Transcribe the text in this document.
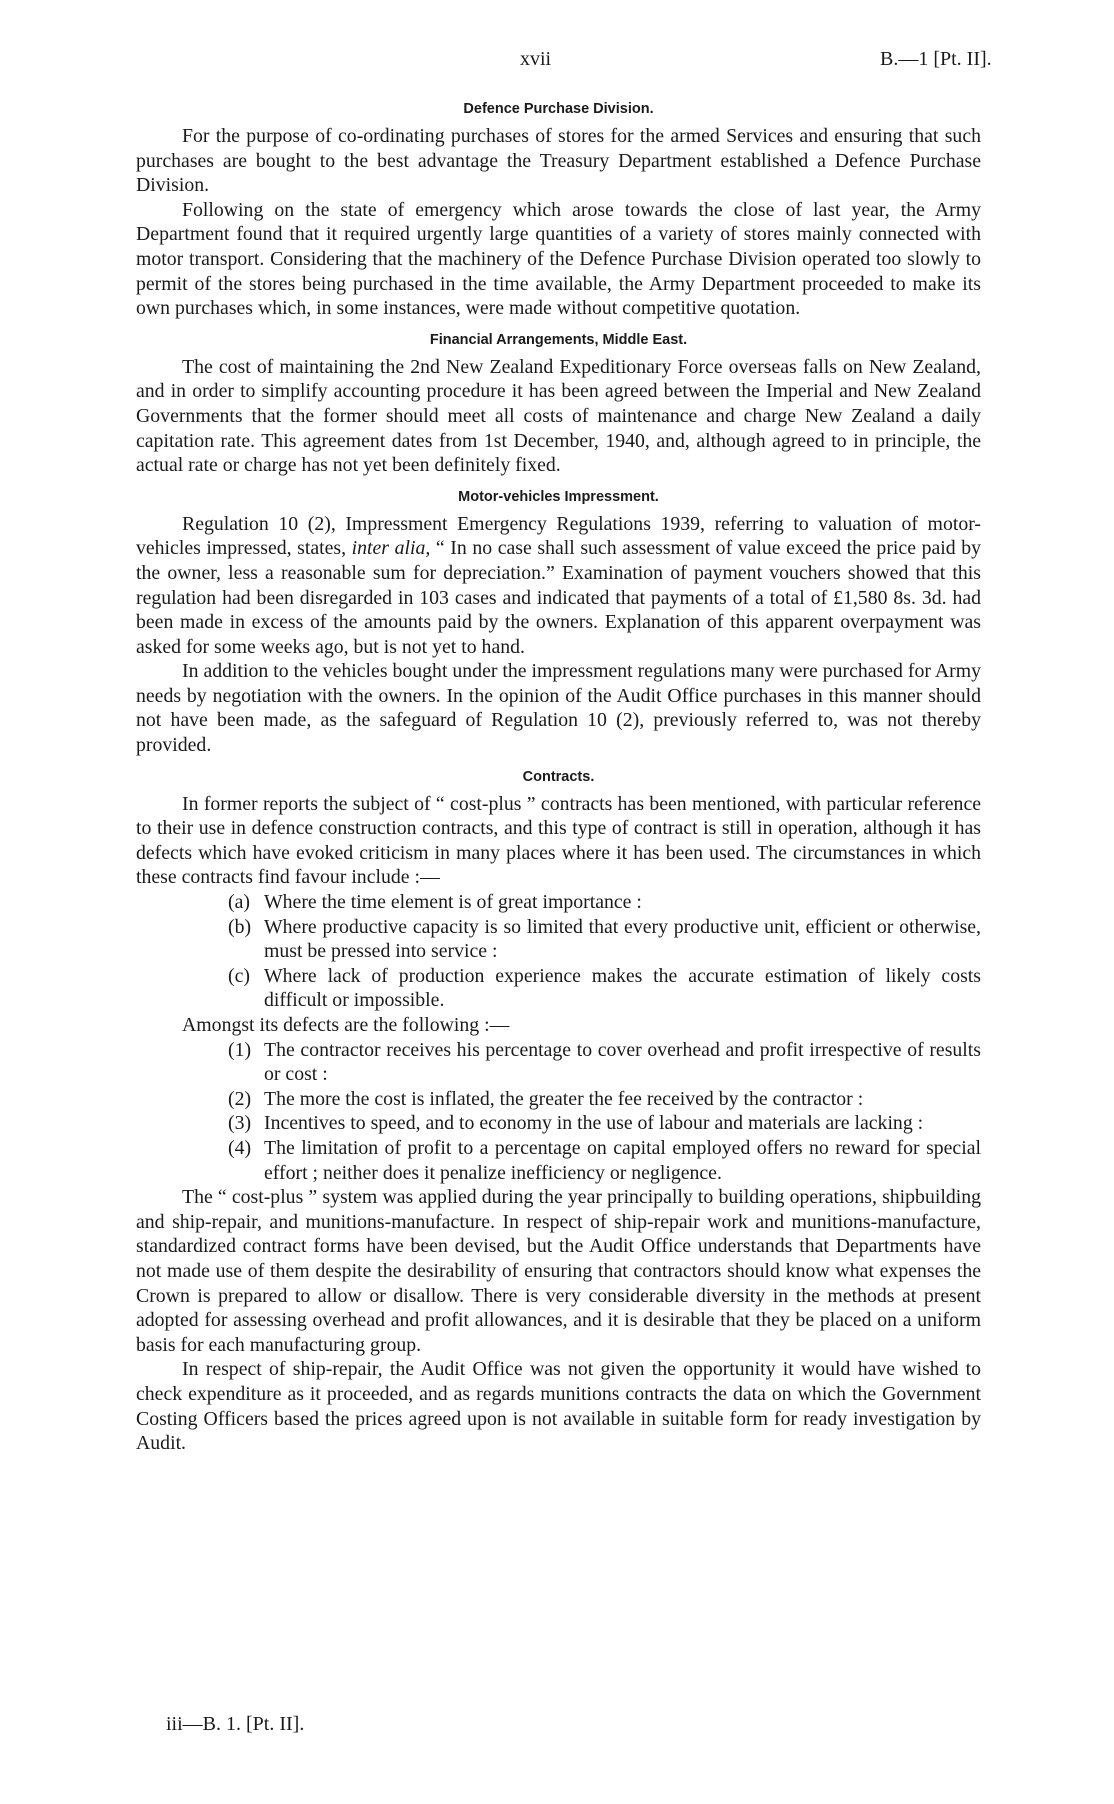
xvii	B.—1 [Pt. II].
Defence Purchase Division.

For the purpose of co-ordinating purchases of stores for the armed Services and ensuring that such purchases are bought to the best advantage the Treasury Department established a Defence Purchase Division.

Following on the state of emergency which arose towards the close of last year, the Army Department found that it required urgently large quantities of a variety of stores mainly connected with motor transport. Considering that the machinery of the Defence Purchase Division operated too slowly to permit of the stores being purchased in the time available, the Army Department proceeded to make its own purchases which, in some instances, were made without competitive quotation.

Financial Arrangements, Middle East.

The cost of maintaining the 2nd New Zealand Expeditionary Force overseas falls on New Zealand, and in order to simplify accounting procedure it has been agreed between the Imperial and New Zealand Governments that the former should meet all costs of maintenance and charge New Zealand a daily capitation rate. This agreement dates from 1st December, 1940, and, although agreed to in principle, the actual rate or charge has not yet been definitely fixed.

Motor-vehicles Impressment.

Regulation 10 (2), Impressment Emergency Regulations 1939, referring to valuation of motor-vehicles impressed, states, inter alia, “ In no case shall such assessment of value exceed the price paid by the owner, less a reasonable sum for depreciation.” Examination of payment vouchers showed that this regulation had been disregarded in 103 cases and indicated that payments of a total of £1,580 8s. 3d. had been made in excess of the amounts paid by the owners. Explanation of this apparent overpayment was asked for some weeks ago, but is not yet to hand.

In addition to the vehicles bought under the impressment regulations many were purchased for Army needs by negotiation with the owners. In the opinion of the Audit Office purchases in this manner should not have been made, as the safeguard of Regulation 10 (2), previously referred to, was not thereby provided.

Contracts.

In former reports the subject of “ cost-plus ” contracts has been mentioned, with particular reference to their use in defence construction contracts, and this type of contract is still in operation, although it has defects which have evoked criticism in many places where it has been used. The circumstances in which these contracts find favour include :—

(a) Where the time element is of great importance :
(b) Where productive capacity is so limited that every productive unit, efficient or otherwise, must be pressed into service :
(c) Where lack of production experience makes the accurate estimation of likely costs difficult or impossible.

Amongst its defects are the following :—

(1) The contractor receives his percentage to cover overhead and profit irrespective of results or cost :
(2) The more the cost is inflated, the greater the fee received by the contractor :
(3) Incentives to speed, and to economy in the use of labour and materials are lacking :
(4) The limitation of profit to a percentage on capital employed offers no reward for special effort ; neither does it penalize inefficiency or negligence.

The “ cost-plus ” system was applied during the year principally to building operations, shipbuilding and ship-repair, and munitions-manufacture. In respect of ship-repair work and munitions-manufacture, standardized contract forms have been devised, but the Audit Office understands that Departments have not made use of them despite the desirability of ensuring that contractors should know what expenses the Crown is prepared to allow or disallow. There is very considerable diversity in the methods at present adopted for assessing overhead and profit allowances, and it is desirable that they be placed on a uniform basis for each manufacturing group.

In respect of ship-repair, the Audit Office was not given the opportunity it would have wished to check expenditure as it proceeded, and as regards munitions contracts the data on which the Government Costing Officers based the prices agreed upon is not available in suitable form for ready investigation by Audit.

iii—B. 1. [Pt. II].
